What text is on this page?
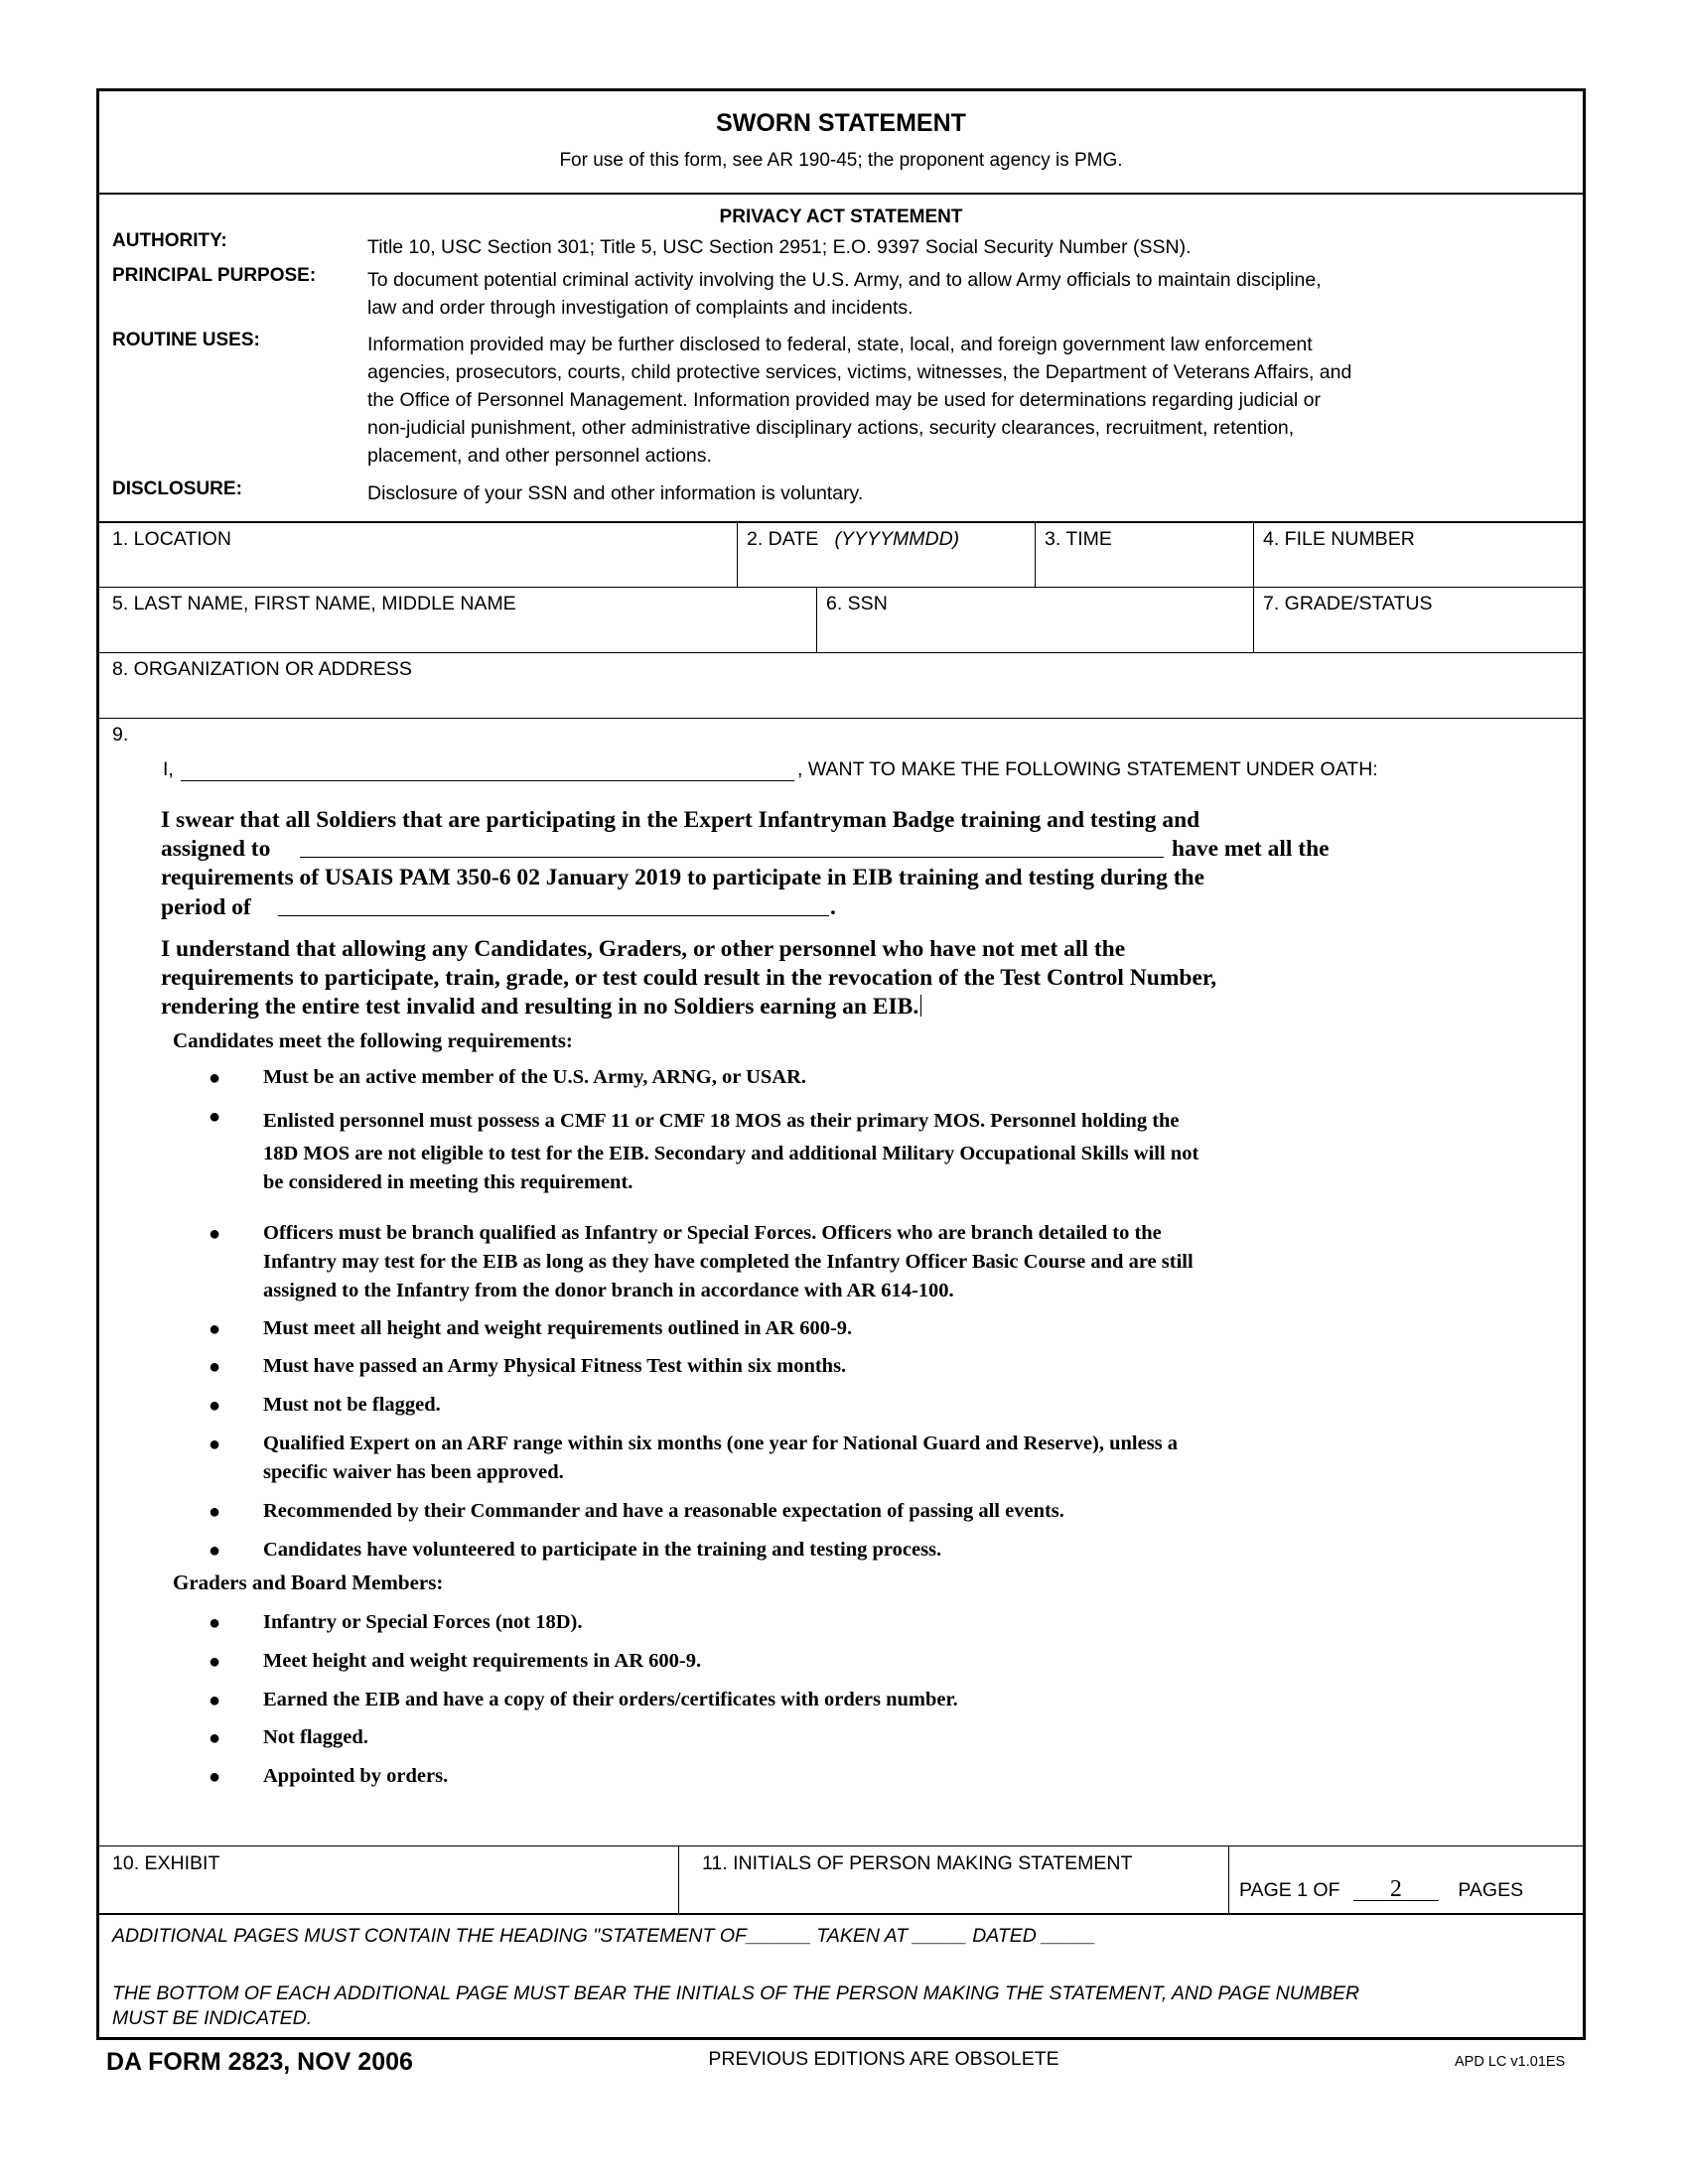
SWORN STATEMENT
For use of this form, see AR 190-45; the proponent agency is PMG.
PRIVACY ACT STATEMENT
AUTHORITY:	Title 10, USC Section 301; Title 5, USC Section 2951; E.O. 9397 Social Security Number (SSN).
PRINCIPAL PURPOSE:	To document potential criminal activity involving the U.S. Army, and to allow Army officials to maintain discipline,
law and order through investigation of complaints and incidents.
ROUTINE USES:	Information provided may be further disclosed to federal, state, local, and foreign government law enforcement
agencies, prosecutors, courts, child protective services, victims, witnesses, the Department of Veterans Affairs, and
the Office of Personnel Management. Information provided may be used for determinations regarding judicial or
non-judicial punishment, other administrative disciplinary actions, security clearances, recruitment, retention,
placement, and other personnel actions.
DISCLOSURE:	Disclosure of your SSN and other information is voluntary.
1. LOCATION	2. DATE (YYYYMMDD)	3. TIME	4. FILE NUMBER
5. LAST NAME, FIRST NAME, MIDDLE NAME	6. SSN	7. GRADE/STATUS
8. ORGANIZATION OR ADDRESS
9.
I,	, WANT TO MAKE THE FOLLOWING STATEMENT UNDER OATH:
I swear that all Soldiers that are participating in the Expert Infantryman Badge training and testing and
assigned to	have met all the
requirements of USAIS PAM 350-6 02 January 2019 to participate in EIB training and testing during the
period of	.
I understand that allowing any Candidates, Graders, or other personnel who have not met all the
requirements to participate, train, grade, or test could result in the revocation of the Test Control Number,
rendering the entire test invalid and resulting in no Soldiers earning an EIB.
Candidates meet the following requirements:
● Must be an active member of the U.S. Army, ARNG, or USAR.
● Enlisted personnel must possess a CMF 11 or CMF 18 MOS as their primary MOS. Personnel holding the
18D MOS are not eligible to test for the EIB. Secondary and additional Military Occupational Skills will not
be considered in meeting this requirement.
● Officers must be branch qualified as Infantry or Special Forces. Officers who are branch detailed to the
Infantry may test for the EIB as long as they have completed the Infantry Officer Basic Course and are still
assigned to the Infantry from the donor branch in accordance with AR 614-100.
● Must meet all height and weight requirements outlined in AR 600-9.
● Must have passed an Army Physical Fitness Test within six months.
● Must not be flagged.
● Qualified Expert on an ARF range within six months (one year for National Guard and Reserve), unless a
specific waiver has been approved.
● Recommended by their Commander and have a reasonable expectation of passing all events.
● Candidates have volunteered to participate in the training and testing process.
Graders and Board Members:
● Infantry or Special Forces (not 18D).
● Meet height and weight requirements in AR 600-9.
● Earned the EIB and have a copy of their orders/certificates with orders number.
● Not flagged.
● Appointed by orders.
10. EXHIBIT	11. INITIALS OF PERSON MAKING STATEMENT
PAGE 1 OF 2	PAGES
ADDITIONAL PAGES MUST CONTAIN THE HEADING "STATEMENT OF______ TAKEN AT _____ DATED _____
THE BOTTOM OF EACH ADDITIONAL PAGE MUST BEAR THE INITIALS OF THE PERSON MAKING THE STATEMENT, AND PAGE NUMBER
MUST BE INDICATED.
DA FORM 2823, NOV 2006	PREVIOUS EDITIONS ARE OBSOLETE	APD LC v1.01ES
